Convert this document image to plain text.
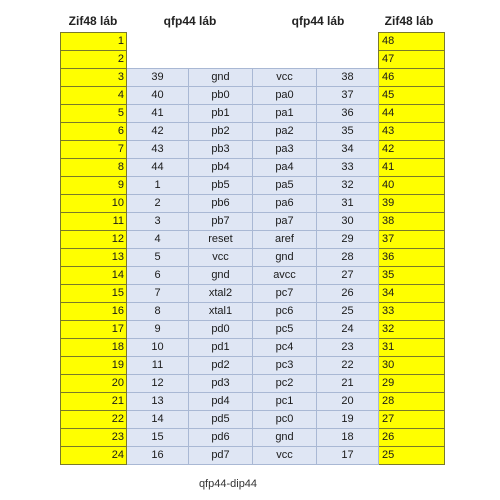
Zif48 láb	qfp44 láb	qfp44 láb	Zif48 láb
1					48
2					47
3	39	gnd	vcc	38	46
4	40	pb0	pa0	37	45
5	41	pb1	pa1	36	44
6	42	pb2	pa2	35	43
7	43	pb3	pa3	34	42
8	44	pb4	pa4	33	41
9	1	pb5	pa5	32	40
10	2	pb6	pa6	31	39
11	3	pb7	pa7	30	38
12	4	reset	aref	29	37
13	5	vcc	gnd	28	36
14	6	gnd	avcc	27	35
15	7	xtal2	pc7	26	34
16	8	xtal1	pc6	25	33
17	9	pd0	pc5	24	32
18	10	pd1	pc4	23	31
19	11	pd2	pc3	22	30
20	12	pd3	pc2	21	29
21	13	pd4	pc1	20	28
22	14	pd5	pc0	19	27
23	15	pd6	gnd	18	26
24	16	pd7	vcc	17	25
qfp44-dip44
